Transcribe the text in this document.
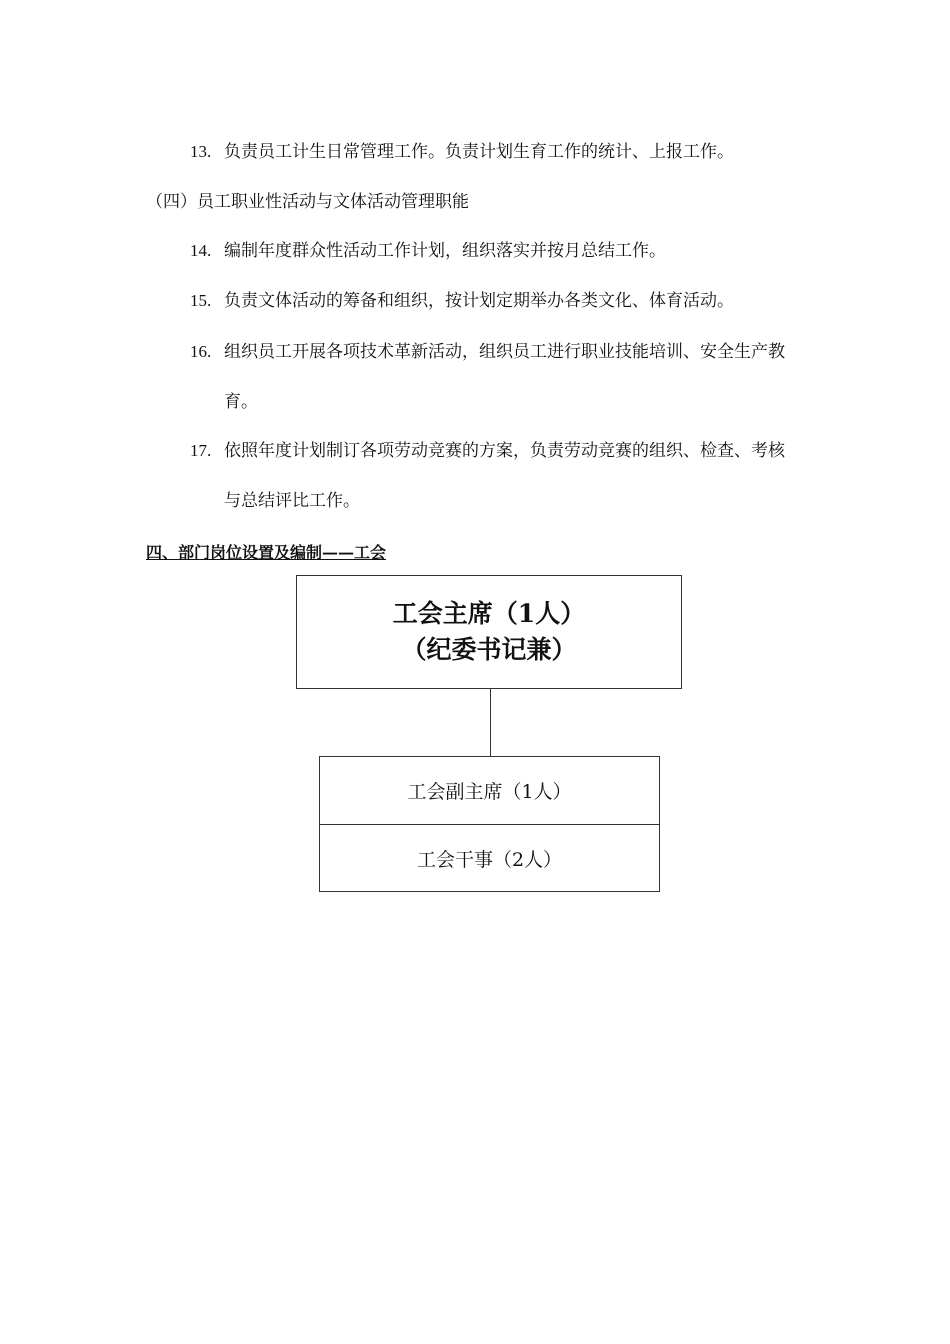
13. 负责员工计生日常管理工作。负责计划生育工作的统计、上报工作。
（四）员工职业性活动与文体活动管理职能
14. 编制年度群众性活动工作计划，组织落实并按月总结工作。
15. 负责文体活动的筹备和组织，按计划定期举办各类文化、体育活动。
16. 组织员工开展各项技术革新活动，组织员工进行职业技能培训、安全生产教
育。
17. 依照年度计划制订各项劳动竞赛的方案，负责劳动竞赛的组织、检查、考核
与总结评比工作。
四、部门岗位设置及编制——工会
工会主席（1人）
（纪委书记兼）
工会副主席（1人）
工会干事（2人）
